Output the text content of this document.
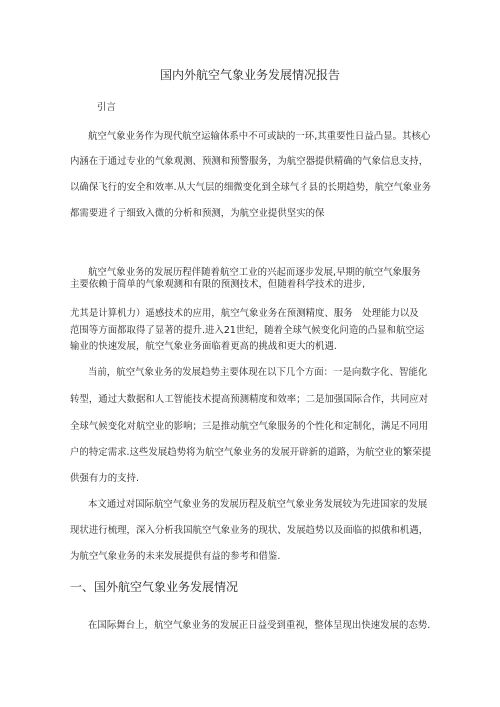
国内外航空气象业务发展情况报告
引言
航空气象业务作为现代航空运输体系中不可或缺的一环,其重要性日益凸显。其核心
内涵在于通过专业的气象观测、预测和预警服务，为航空器提供精确的气象信息支持，
以确保飞行的安全和效率.从大气层的细微变化到全球气彳县的长期趋势，航空气象业务
都需要进彳亍细致入微的分析和预测，为航空业提供坚实的保
航空气象业务的发展历程伴随着航空工业的兴起而逐步发展,早期的航空气象服务
主要依赖于简单的气象观测和有限的预测技术，但随着科学技术的进步,
尤其是计算机力）遥感技术的应用，航空气象业务在预测精度、服务　处理能力以及
范围等方面都取得了显著的提升.进入21世纪，随着全球气候变化问造的凸显和航空运
输业的快速发展，航空气象业务面临着更高的挑战和更大的机遇.
当前，航空气象业务的发展趋势主要体现在以下几个方面：一是向数字化、智能化
转型，通过大数据和人工智能技术提高预测精度和效率；二是加强国际合作，共同应对
全球气候变化对航空业的影响；三是推动航空气象服务的个性化和定制化，满足不同用
户的特定需求.这些发展趋势将为航空气象业务的发展开辟新的道路，为航空业的繁荣提
供强有力的支持.
本文通过对国际航空气象业务的发展历程及航空气象业务发展较为先进国家的发展
现状进行梳理，深入分析我国航空气象业务的现状、发展趋势以及面临的拟俄和机遇，
为航空气象业务的未来发展提供有益的参考和借鉴.
一、国外航空气象业务发展情况
在国际舞台上，航空气象业务的发展正日益受到重视，整体呈现出快速发展的态势.
